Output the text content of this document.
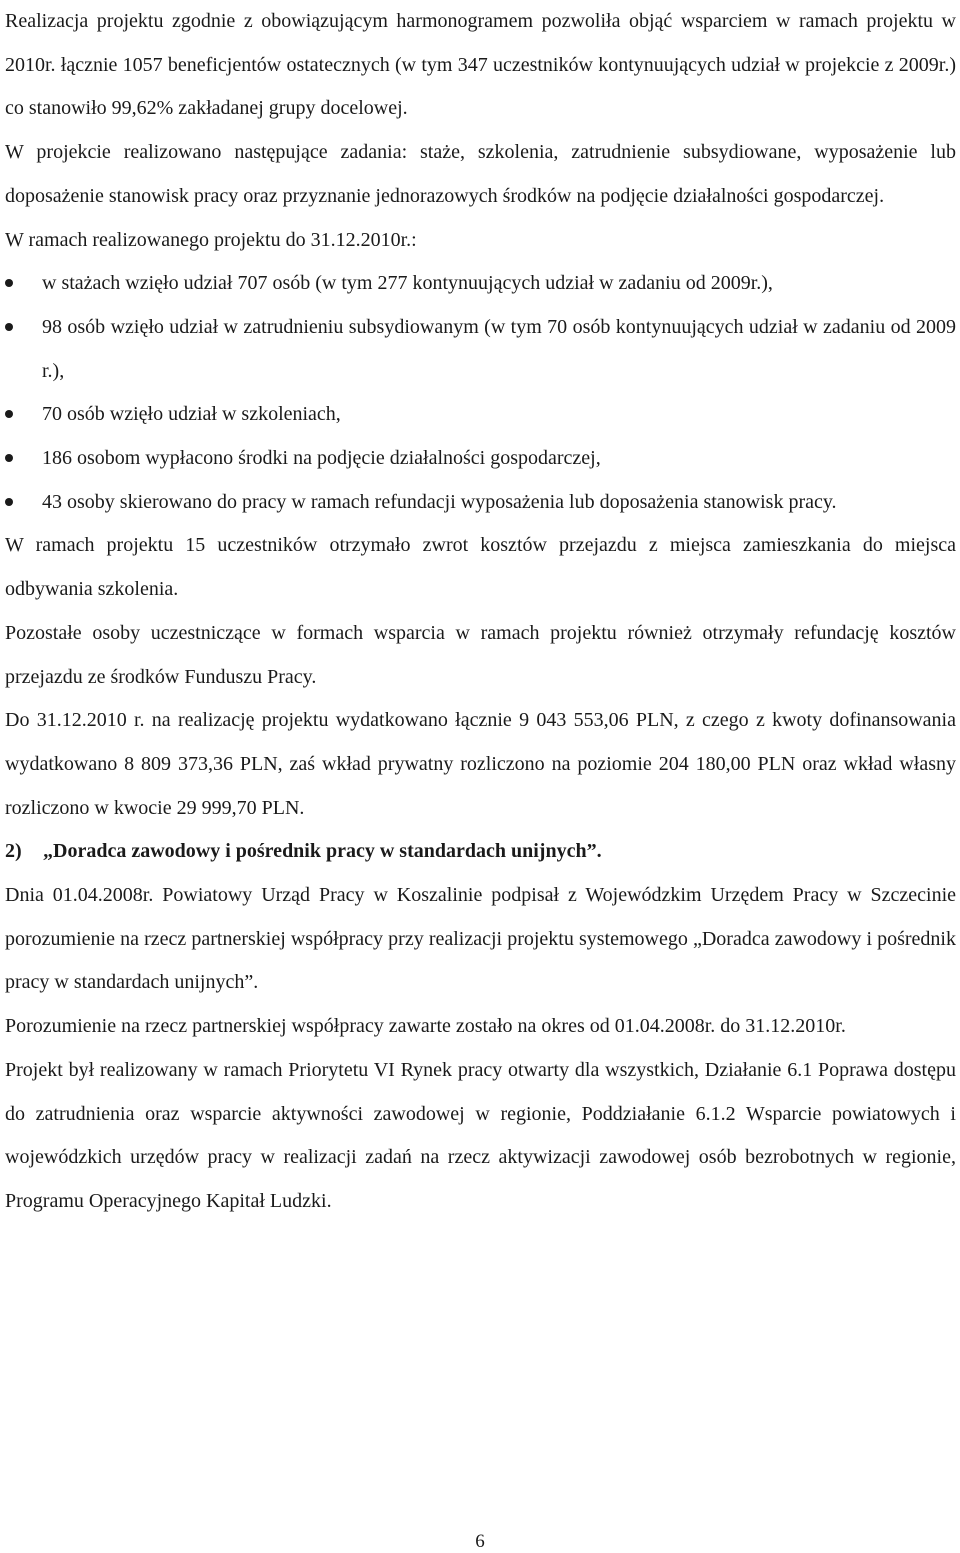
Realizacja projektu zgodnie z obowiązującym harmonogramem pozwoliła objąć wsparciem w ramach projektu w 2010r. łącznie 1057 beneficjentów ostatecznych (w tym 347 uczestników kontynuujących udział w projekcie z 2009r.) co stanowiło 99,62% zakładanej grupy docelowej.

W projekcie realizowano następujące zadania: staże, szkolenia, zatrudnienie subsydiowane, wyposażenie lub doposażenie stanowisk pracy oraz przyznanie jednorazowych środków na podjęcie działalności gospodarczej.

W ramach realizowanego projektu do 31.12.2010r.:

w stażach wzięło udział 707 osób (w tym 277 kontynuujących udział w zadaniu od 2009r.),
98 osób wzięło udział w zatrudnieniu subsydiowanym (w tym 70 osób kontynuujących udział w zadaniu od 2009 r.),
70 osób wzięło udział w szkoleniach,
186 osobom wypłacono środki na podjęcie działalności gospodarczej,
43 osoby skierowano do pracy w ramach refundacji wyposażenia lub doposażenia stanowisk pracy.

W ramach projektu 15 uczestników otrzymało zwrot kosztów przejazdu z miejsca zamieszkania do miejsca odbywania szkolenia.

Pozostałe osoby uczestniczące w formach wsparcia w ramach projektu również otrzymały refundację kosztów przejazdu ze środków Funduszu Pracy.

Do 31.12.2010 r. na realizację projektu wydatkowano łącznie 9 043 553,06 PLN, z czego z kwoty dofinansowania wydatkowano 8 809 373,36 PLN, zaś wkład prywatny rozliczono na poziomie 204 180,00 PLN oraz wkład własny rozliczono w kwocie 29 999,70 PLN.

2) „Doradca zawodowy i pośrednik pracy w standardach unijnych”.

Dnia 01.04.2008r. Powiatowy Urząd Pracy w Koszalinie podpisał z Wojewódzkim Urzędem Pracy w Szczecinie porozumienie na rzecz partnerskiej współpracy przy realizacji projektu systemowego „Doradca zawodowy i pośrednik pracy w standardach unijnych”.

Porozumienie na rzecz partnerskiej współpracy zawarte zostało na okres od 01.04.2008r. do 31.12.2010r.

Projekt był realizowany w ramach Priorytetu VI Rynek pracy otwarty dla wszystkich, Działanie 6.1 Poprawa dostępu do zatrudnienia oraz wsparcie aktywności zawodowej w regionie, Poddziałanie 6.1.2 Wsparcie powiatowych i wojewódzkich urzędów pracy w realizacji zadań na rzecz aktywizacji zawodowej osób bezrobotnych w regionie, Programu Operacyjnego Kapitał Ludzki.

6
